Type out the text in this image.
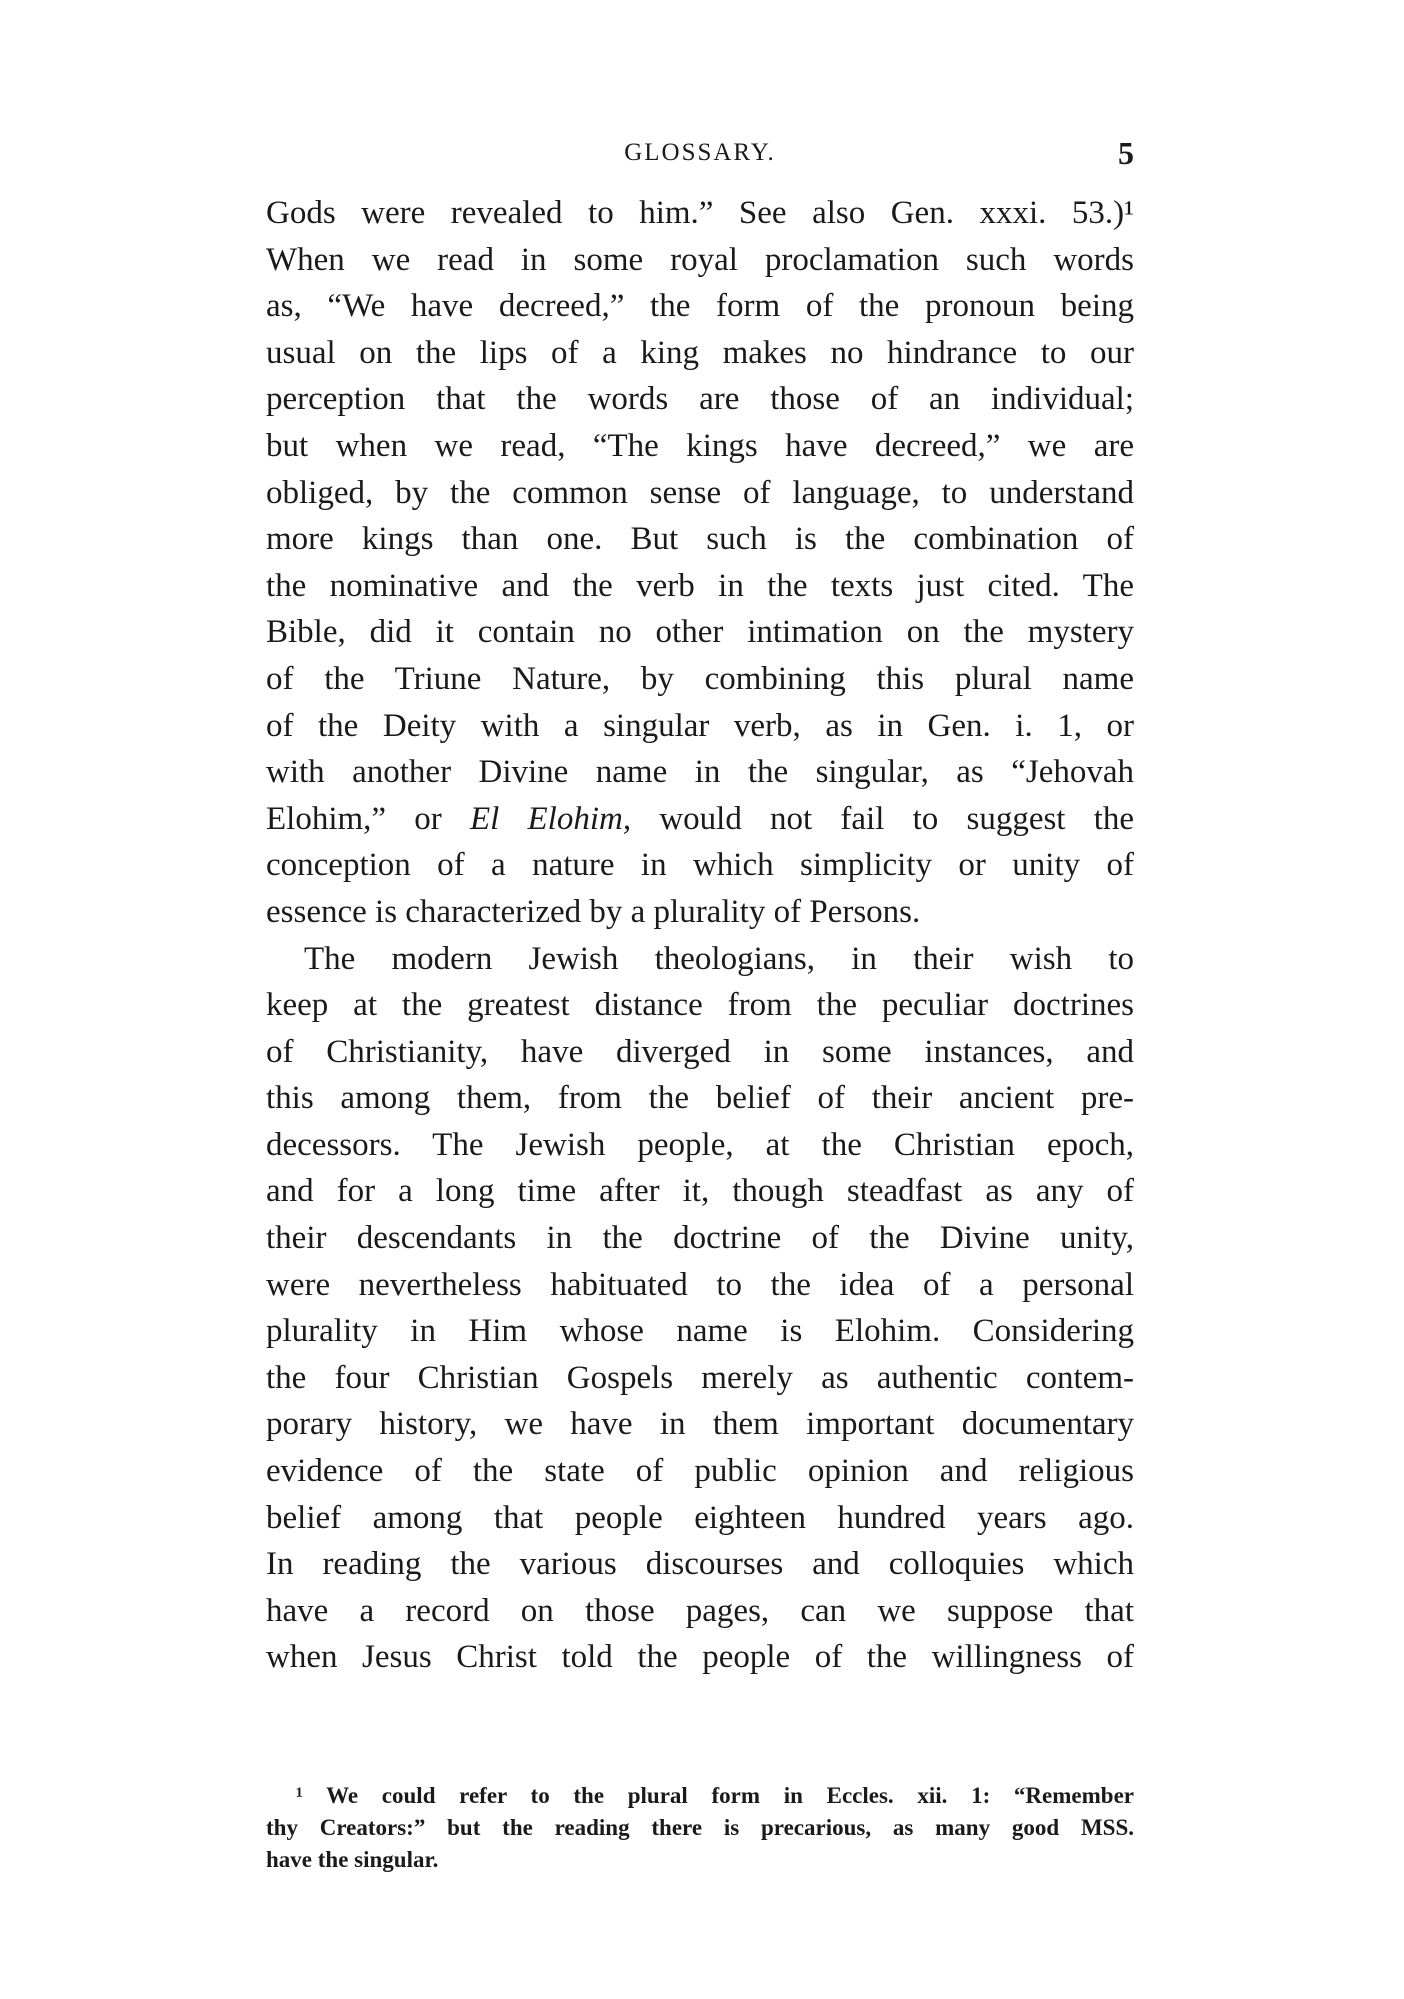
GLOSSARY.	5
Gods were revealed to him.” See also Gen. xxxi. 53.)¹
When we read in some royal proclamation such words
as, “We have decreed,” the form of the pronoun being
usual on the lips of a king makes no hindrance to our
perception that the words are those of an individual;
but when we read, “The kings have decreed,” we are
obliged, by the common sense of language, to understand
more kings than one. But such is the combination of
the nominative and the verb in the texts just cited. The
Bible, did it contain no other intimation on the mystery
of the Triune Nature, by combining this plural name
of the Deity with a singular verb, as in Gen. i. 1, or
with another Divine name in the singular, as “Jehovah
Elohim,” or El Elohim, would not fail to suggest the
conception of a nature in which simplicity or unity of
essence is characterized by a plurality of Persons.
The modern Jewish theologians, in their wish to
keep at the greatest distance from the peculiar doctrines
of Christianity, have diverged in some instances, and
this among them, from the belief of their ancient pre-
decessors. The Jewish people, at the Christian epoch,
and for a long time after it, though steadfast as any of
their descendants in the doctrine of the Divine unity,
were nevertheless habituated to the idea of a personal
plurality in Him whose name is Elohim. Considering
the four Christian Gospels merely as authentic contem-
porary history, we have in them important documentary
evidence of the state of public opinion and religious
belief among that people eighteen hundred years ago.
In reading the various discourses and colloquies which
have a record on those pages, can we suppose that
when Jesus Christ told the people of the willingness of
¹ We could refer to the plural form in Eccles. xii. 1: “Remember
thy Creators:” but the reading there is precarious, as many good MSS.
have the singular.
